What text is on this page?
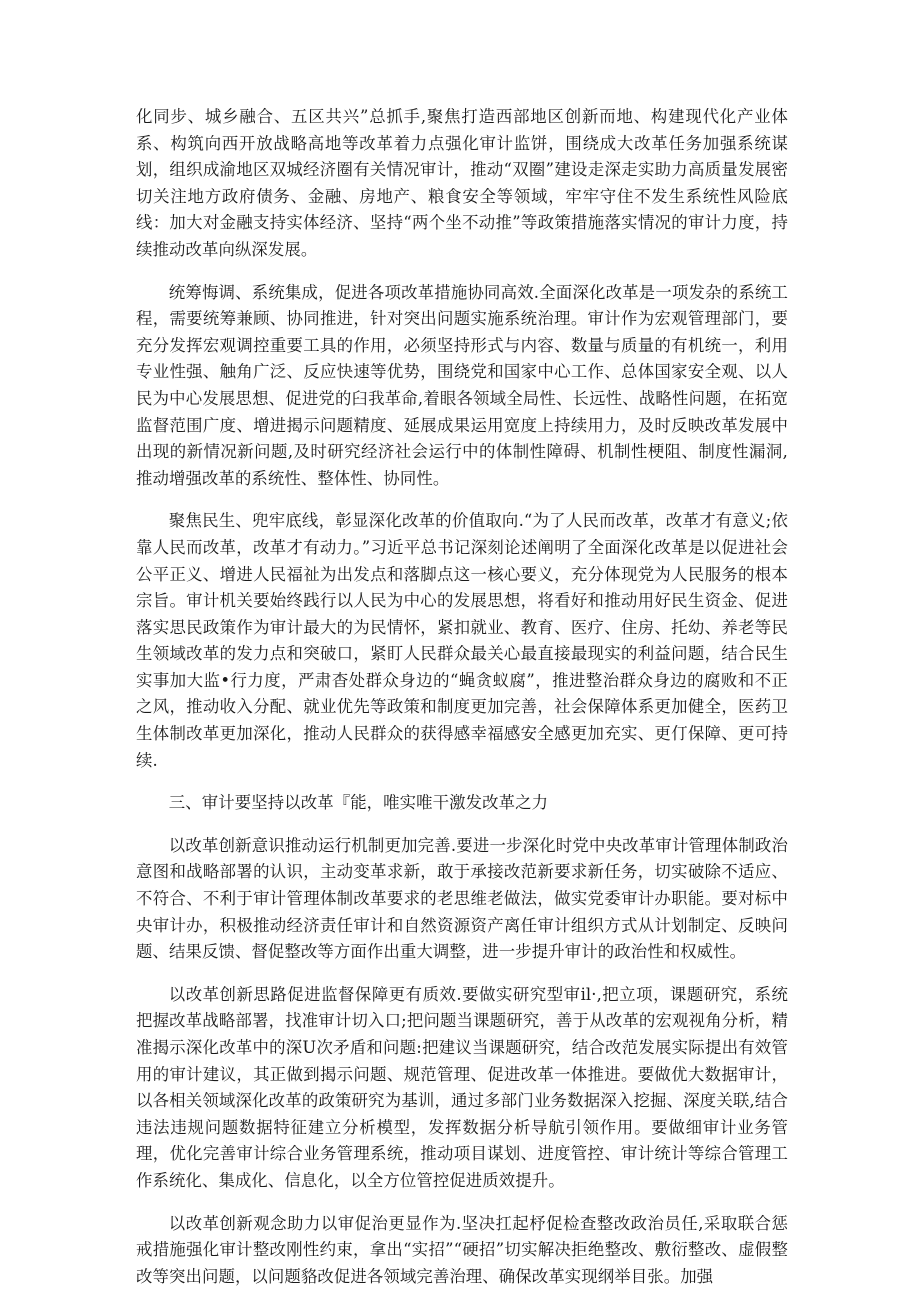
化同步、城乡融合、五区共兴”总抓手,聚焦打造西部地区创新而地、构建现代化产业体系、构筑向西开放战略高地等改革着力点强化审计监饼，围绕成大改革任务加强系统谋划，组织成渝地区双城经济圈有关情况审计，推动“双圈”建设走深走实助力高质量发展密切关注地方政府债务、金融、房地产、粮食安全等领域，牢牢守住不发生系统性风险底线：加大对金融支持实体经济、坚持“两个坐不动推”等政策措施落实情况的审计力度，持续推动改革向纵深发展。

统筹悔调、系统集成，促进各项改革措施协同高效.全面深化改革是一项发杂的系统工程，需要统筹兼顾、协同推进，针对突出问题实施系统治理。审计作为宏观管理部门，要充分发挥宏观调控重要工具的作用，必须坚持形式与内容、数量与质量的有机统一，利用专业性强、触角广泛、反应快速等优势，围绕党和国家中心工作、总体国家安全观、以人民为中心发展思想、促进党的臼我革命,着眼各领域全局性、长远性、战略性问题，在拓宽监督范围广度、增进揭示问题精度、延展成果运用宽度上持续用力，及时反映改革发展中出现的新情况新问题,及时研究经济社会运行中的体制性障碍、机制性梗阻、制度性漏洞,推动增强改革的系统性、整体性、协同性。

聚焦民生、兜牢底线，彰显深化改革的价值取向.“为了人民而改革，改革才有意义;依靠人民而改革，改革才有动力。”习近平总书记深刻论述阐明了全面深化改革是以促进社会公平正义、增进人民福祉为出发点和落脚点这一核心要义，充分体现党为人民服务的根本宗旨。审计机关要始终践行以人民为中心的发展思想，将看好和推动用好民生资金、促进落实思民政策作为审计最大的为民情怀，紧扣就业、教育、医疗、住房、托幼、养老等民生领域改革的发力点和突破口，紧盯人民群众最关心最直接最现实的利益问题，结合民生实事加大监•行力度，严肃杳处群众身边的“蝇贪蚁腐”，推进整治群众身边的腐败和不正之风，推动收入分配、就业优先等政策和制度更加完善，社会保障体系更加健全，医药卫生体制改革更加深化，推动人民群众的获得感幸福感安全感更加充实、更仃保障、更可持续.

三、审计要坚持以改革『能，唯实唯干激发改革之力

以改革创新意识推动运行机制更加完善.要进一步深化时党中央改革审计管理体制政治意图和战略部署的认识，主动变革求新，敢于承接改范新要求新任务，切实破除不适应、不符合、不利于审计管理体制改革要求的老思维老做法，做实党委审计办职能。要对标中央审计办，积极推动经济责任审计和自然资源资产离任审计组织方式从计划制定、反映问题、结果反馈、督促整改等方面作出重大调整，进一步提升审计的政治性和权威性。

以改革创新思路促进监督保障更有质效.要做实研究型审il·,把立项，课题研究，系统把握改革战略部署，找准审计切入口;把问题当课题研究，善于从改革的宏观视角分析，精准揭示深化改革中的深U次矛盾和问题:把建议当课题研究，结合改范发展实际提出有效管用的审计建议，其正做到揭示问题、规范管理、促进改革一体推进。要做优大数据审计，以各相关领域深化改革的政策研究为基训，通过多部门业务数据深入挖掘、深度关联,结合违法违规问题数据特征建立分析模型，发挥数据分析导航引领作用。要做细审计业务管理，优化完善审计综合业务管理系统，推动项目谋划、进度管控、审计统计等综合管理工作系统化、集成化、信息化，以全方位管控促进质效提升。

以改革创新观念助力以审促治更显作为.坚决扛起杼促检查整改政治员任,采取联合惩戒措施强化审计整改刚性约束，拿出“实招”“硬招”切实解决拒绝整改、敷衍整改、虚假整改等突出问题，以问题貉改促进各领域完善治理、确保改革实现纲举目张。加强
